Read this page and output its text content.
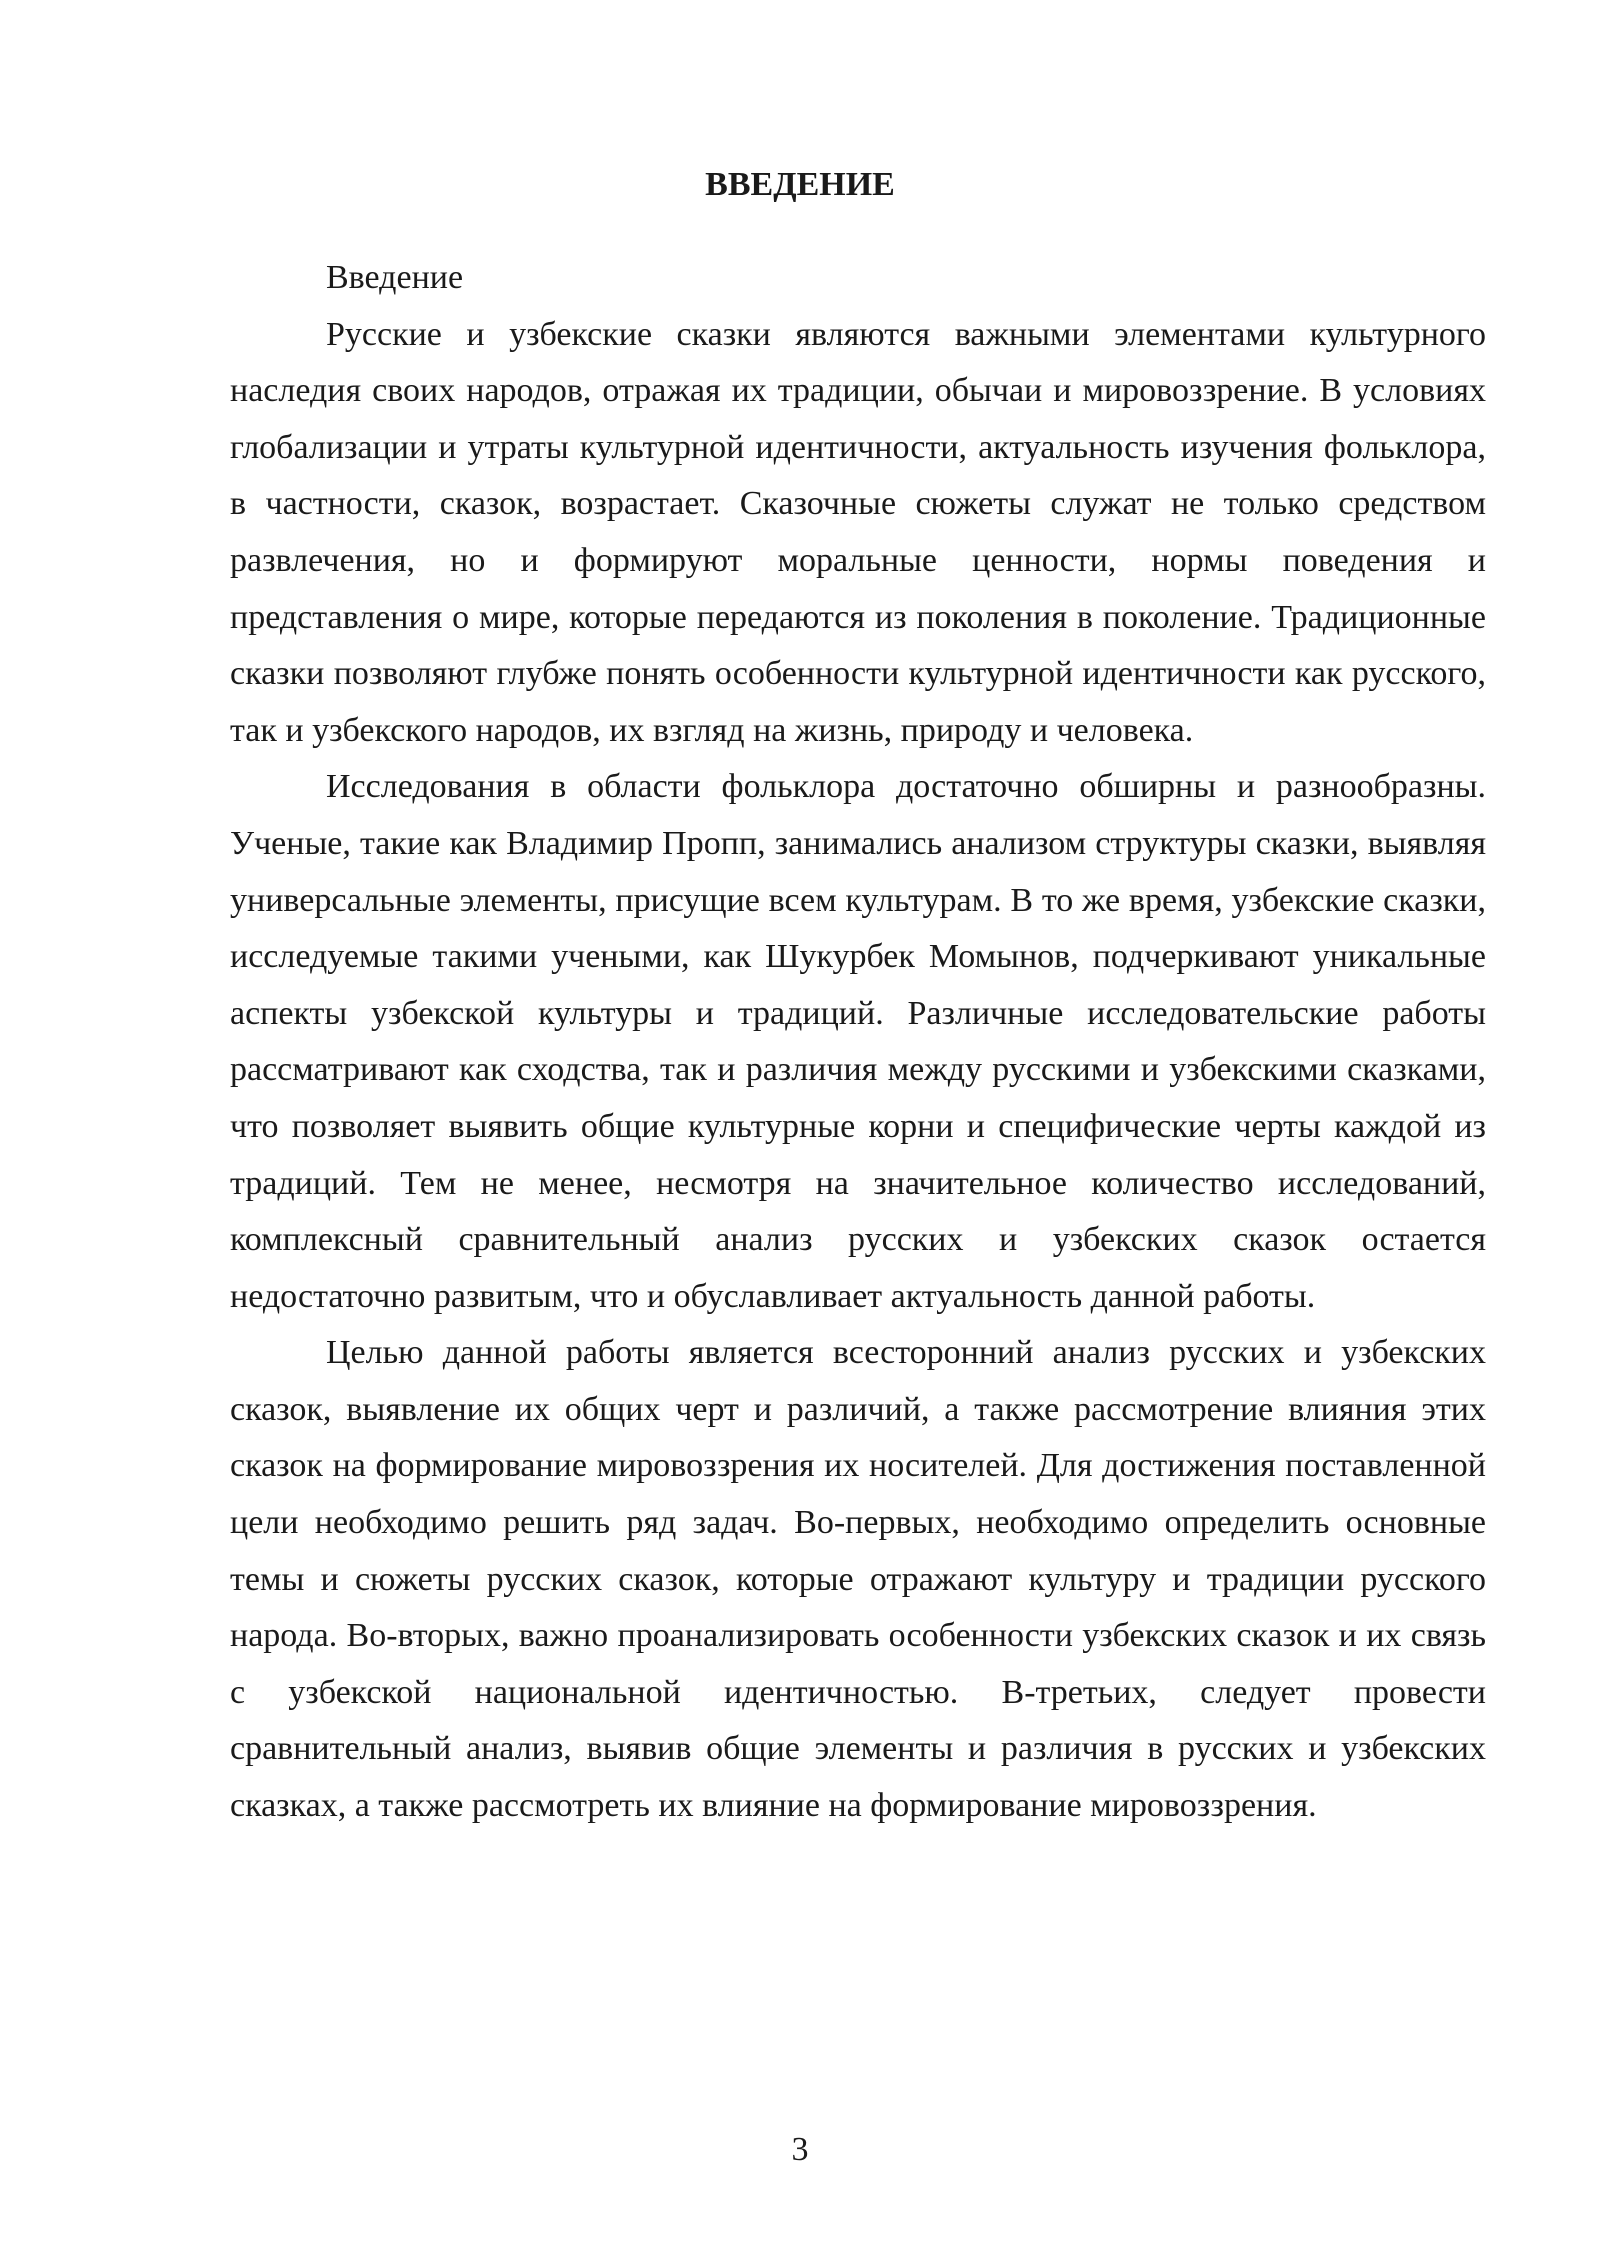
ВВЕДЕНИЕ

Введение

Русские и узбекские сказки являются важными элементами культурного наследия своих народов, отражая их традиции, обычаи и мировоззрение. В условиях глобализации и утраты культурной идентичности, актуальность изучения фольклора, в частности, сказок, возрастает. Сказочные сюжеты служат не только средством развлечения, но и формируют моральные ценности, нормы поведения и представления о мире, которые передаются из поколения в поколение. Традиционные сказки позволяют глубже понять особенности культурной идентичности как русского, так и узбекского народов, их взгляд на жизнь, природу и человека.

Исследования в области фольклора достаточно обширны и разнообразны. Ученые, такие как Владимир Пропп, занимались анализом структуры сказки, выявляя универсальные элементы, присущие всем культурам. В то же время, узбекские сказки, исследуемые такими учеными, как Шукурбек Момынов, подчеркивают уникальные аспекты узбекской культуры и традиций. Различные исследовательские работы рассматривают как сходства, так и различия между русскими и узбекскими сказками, что позволяет выявить общие культурные корни и специфические черты каждой из традиций. Тем не менее, несмотря на значительное количество исследований, комплексный сравнительный анализ русских и узбекских сказок остается недостаточно развитым, что и обуславливает актуальность данной работы.

Целью данной работы является всесторонний анализ русских и узбекских сказок, выявление их общих черт и различий, а также рассмотрение влияния этих сказок на формирование мировоззрения их носителей. Для достижения поставленной цели необходимо решить ряд задач. Во-первых, необходимо определить основные темы и сюжеты русских сказок, которые отражают культуру и традиции русского народа. Во-вторых, важно проанализировать особенности узбекских сказок и их связь с узбекской национальной идентичностью. В-третьих, следует провести сравнительный анализ, выявив общие элементы и различия в русских и узбекских сказках, а также рассмотреть их влияние на формирование мировоззрения.

3
